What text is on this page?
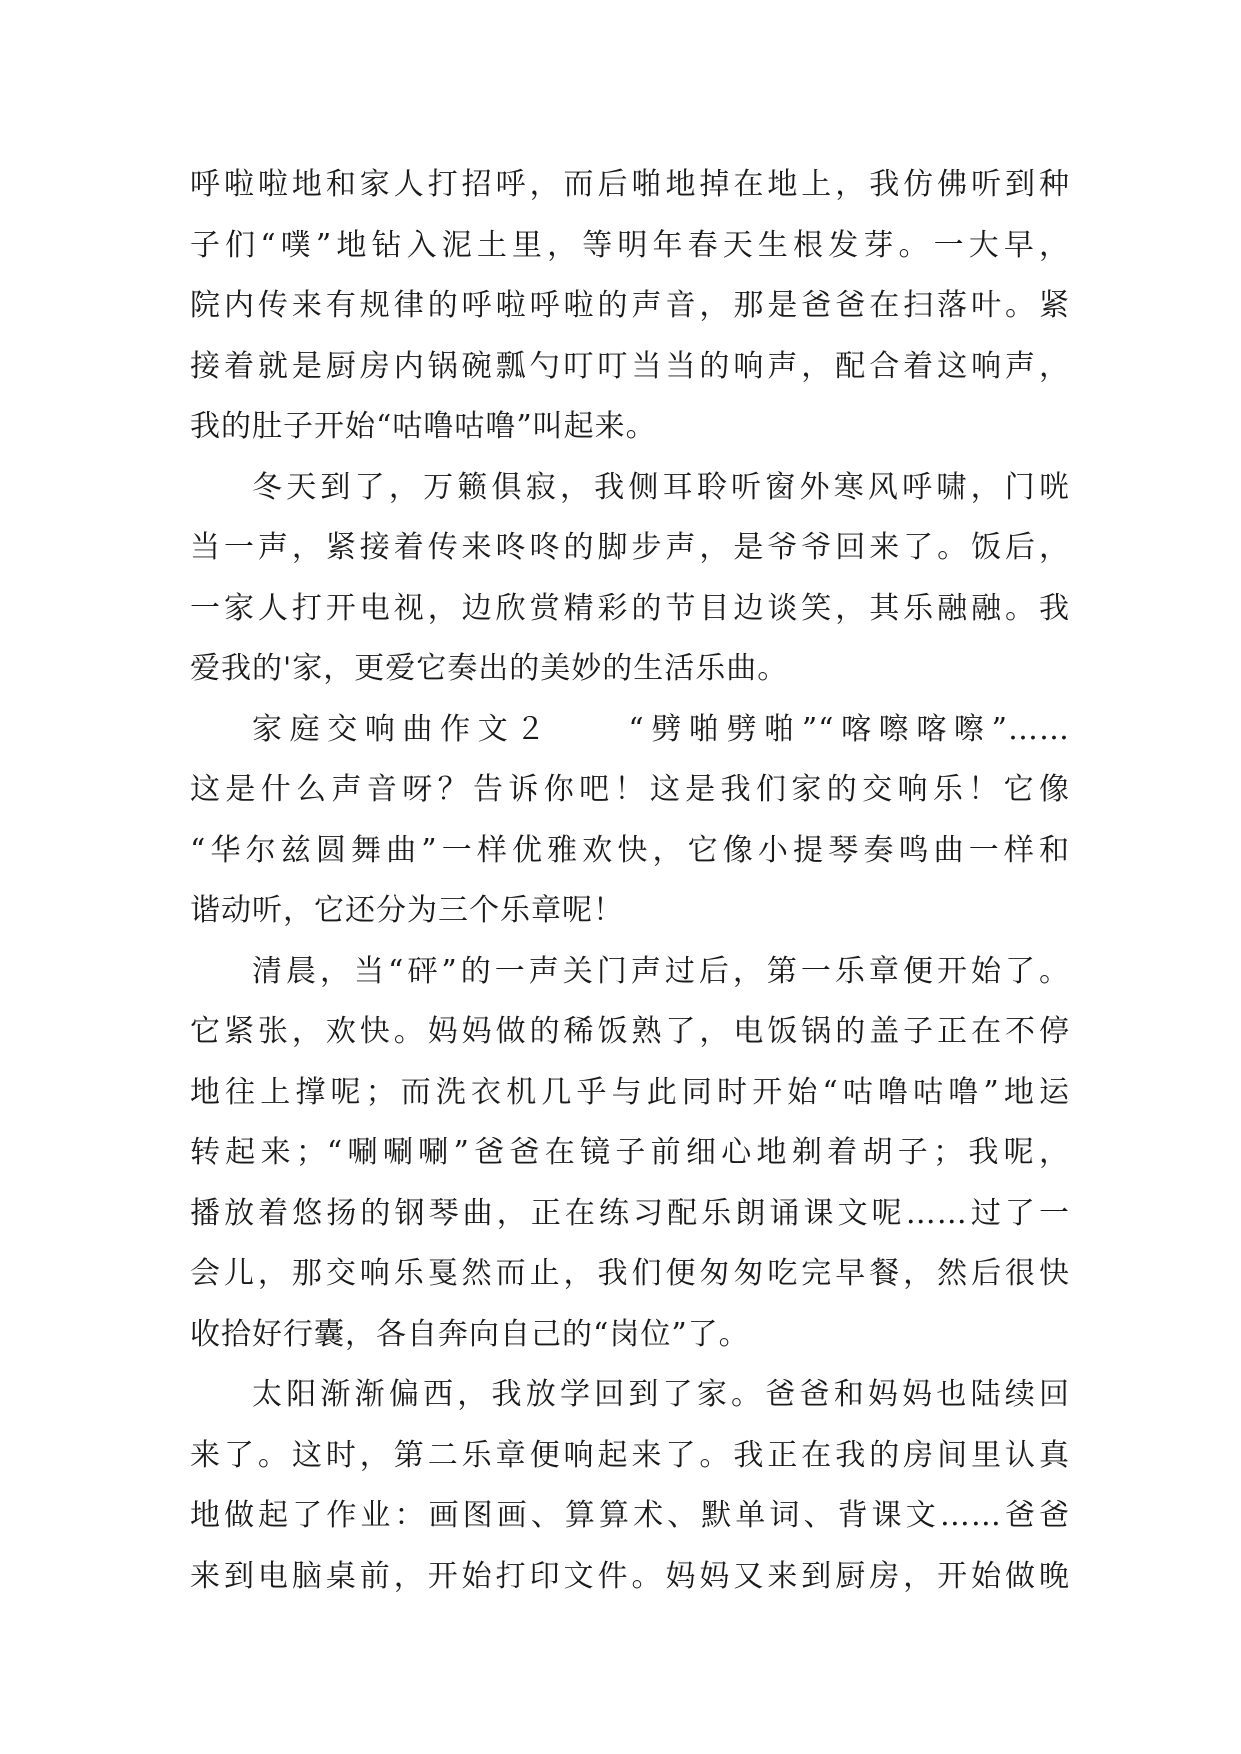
呼啦啦地和家人打招呼，而后啪地掉在地上，我仿佛听到种
子们“噗”地钻入泥土里，等明年春天生根发芽。一大早，
院内传来有规律的呼啦呼啦的声音，那是爸爸在扫落叶。紧
接着就是厨房内锅碗瓢勺叮叮当当的响声，配合着这响声，
我的肚子开始“咕噜咕噜”叫起来。
冬天到了，万籁俱寂，我侧耳聆听窗外寒风呼啸，门咣
当一声，紧接着传来咚咚的脚步声，是爷爷回来了。饭后，
一家人打开电视，边欣赏精彩的节目边谈笑，其乐融融。我
爱我的'家，更爱它奏出的美妙的生活乐曲。
家庭交响曲作文２　　“劈啪劈啪”“喀嚓喀嚓”……
这是什么声音呀？告诉你吧！这是我们家的交响乐！它像
“华尔兹圆舞曲”一样优雅欢快，它像小提琴奏鸣曲一样和
谐动听，它还分为三个乐章呢！
清晨，当“砰”的一声关门声过后，第一乐章便开始了。
它紧张，欢快。妈妈做的稀饭熟了，电饭锅的盖子正在不停
地往上撑呢；而洗衣机几乎与此同时开始“咕噜咕噜”地运
转起来；“唰唰唰”爸爸在镜子前细心地剃着胡子；我呢，
播放着悠扬的钢琴曲，正在练习配乐朗诵课文呢……过了一
会儿，那交响乐戛然而止，我们便匆匆吃完早餐，然后很快
收拾好行囊，各自奔向自己的“岗位”了。
太阳渐渐偏西，我放学回到了家。爸爸和妈妈也陆续回
来了。这时，第二乐章便响起来了。我正在我的房间里认真
地做起了作业：画图画、算算术、默单词、背课文……爸爸
来到电脑桌前，开始打印文件。妈妈又来到厨房，开始做晚
